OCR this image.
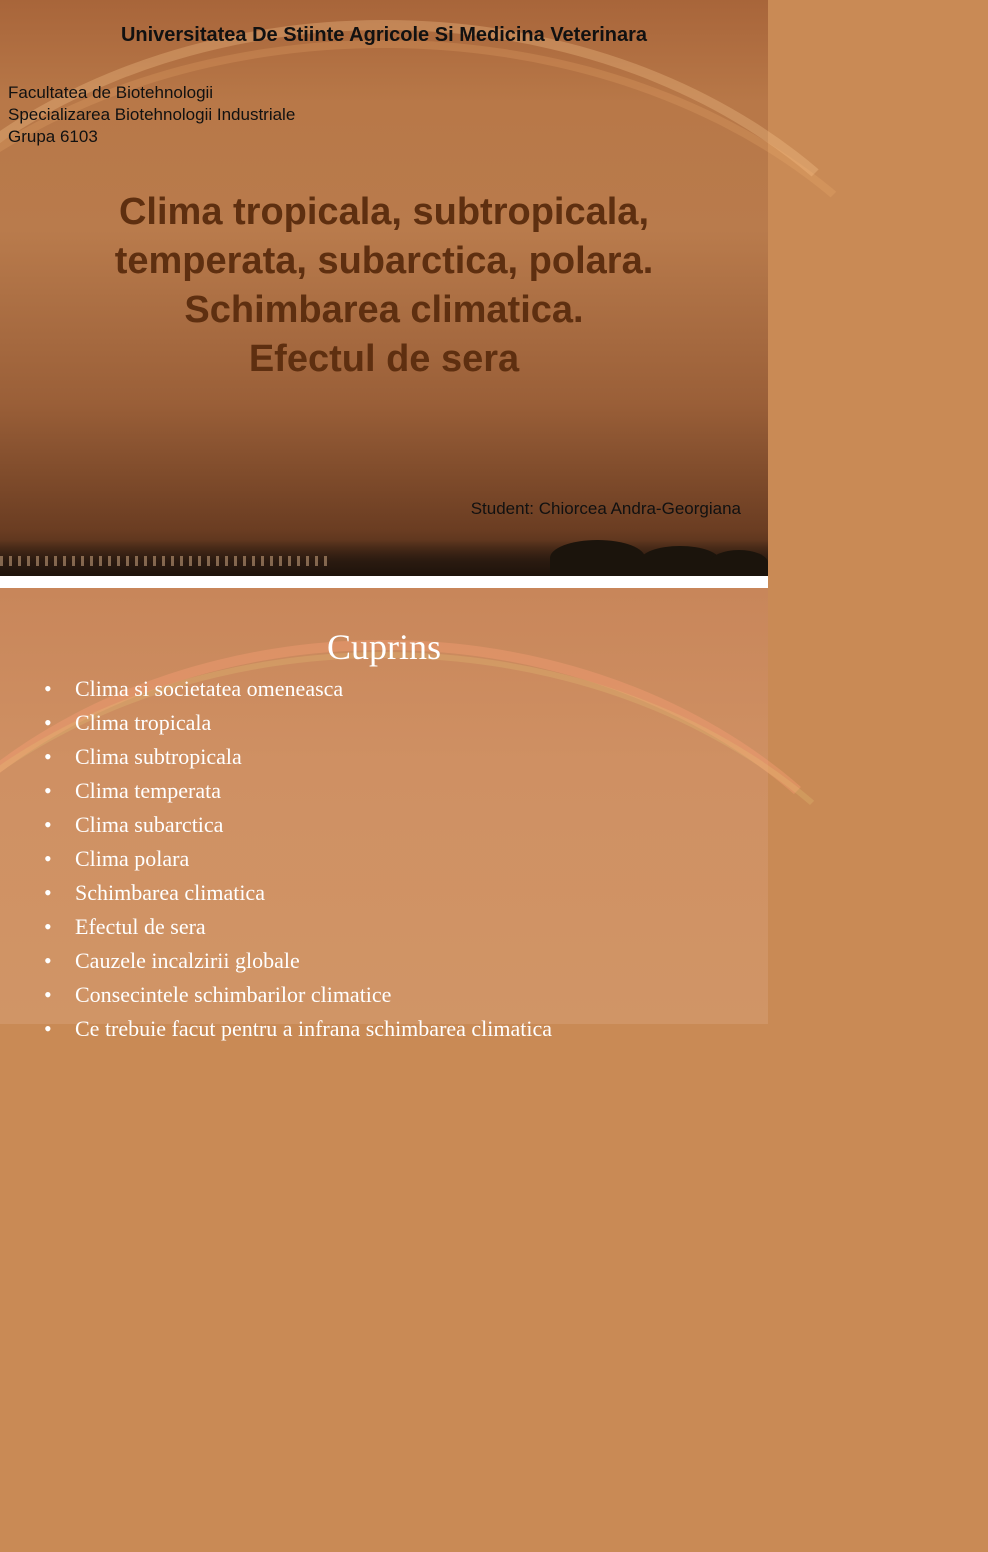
Universitatea De Stiinte Agricole Si Medicina Veterinara
Facultatea de Biotehnologii
Specializarea Biotehnologii Industriale
Grupa 6103
Clima tropicala, subtropicala,
temperata, subarctica, polara.
Schimbarea climatica.
Efectul de sera
Student: Chiorcea Andra-Georgiana
Cuprins
• Clima si societatea omeneasca
• Clima tropicala
• Clima subtropicala
• Clima temperata
• Clima subarctica
• Clima polara
• Schimbarea climatica
• Efectul de sera
• Cauzele incalzirii globale
• Consecintele schimbarilor climatice
• Ce trebuie facut pentru a infrana schimbarea climatica
